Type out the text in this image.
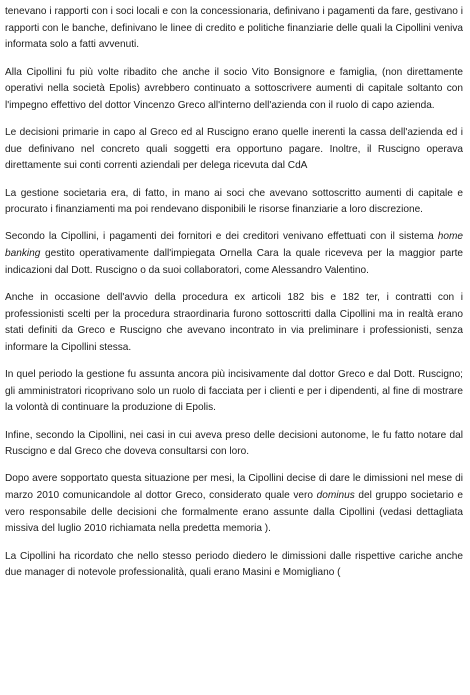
tenevano i rapporti con i soci locali e con la concessionaria, definivano i pagamenti da fare, gestivano i rapporti con le banche, definivano le linee di credito e politiche finanziarie delle quali la Cipollini veniva informata solo a fatti avvenuti.

Alla Cipollini fu più volte ribadito che anche il socio Vito Bonsignore e famiglia, (non direttamente operativi nella società Epolis) avrebbero continuato a sottoscrivere aumenti di capitale soltanto con l'impegno effettivo del dottor Vincenzo Greco all'interno dell'azienda con il ruolo di capo azienda.

Le decisioni primarie in capo al Greco ed al Ruscigno erano quelle inerenti la cassa dell'azienda ed i due definivano nel concreto quali soggetti era opportuno pagare. Inoltre, il Ruscigno operava direttamente sui conti correnti aziendali per delega ricevuta dal CdA

La gestione societaria era, di fatto, in mano ai soci che avevano sottoscritto aumenti di capitale e procurato i finanziamenti ma poi rendevano disponibili le risorse finanziarie a loro discrezione.

Secondo la Cipollini, i pagamenti dei fornitori e dei creditori venivano effettuati con il sistema home banking gestito operativamente dall'impiegata Ornella Cara la quale riceveva per la maggior parte indicazioni dal Dott. Ruscigno o da suoi collaboratori, come Alessandro Valentino.

Anche in occasione dell'avvio della procedura ex articoli 182 bis e 182 ter, i contratti con i professionisti scelti per la procedura straordinaria furono sottoscritti dalla Cipollini ma in realtà erano stati definiti da Greco e Ruscigno che avevano incontrato in via preliminare i professionisti, senza informare la Cipollini stessa.

In quel periodo la gestione fu assunta ancora più incisivamente dal dottor Greco e dal Dott. Ruscigno; gli amministratori ricoprivano solo un ruolo di facciata per i clienti e per i dipendenti, al fine di mostrare la volontà di continuare la produzione di Epolis.

Infine, secondo la Cipollini, nei casi in cui aveva preso delle decisioni autonome, le fu fatto notare dal Ruscigno e dal Greco che doveva consultarsi con loro.

Dopo avere sopportato questa situazione per mesi, la Cipollini decise di dare le dimissioni nel mese di marzo 2010 comunicandole al dottor Greco, considerato quale vero dominus del gruppo societario e vero responsabile delle decisioni che formalmente erano assunte dalla Cipollini (vedasi dettagliata missiva del luglio 2010 richiamata nella predetta memoria ).

La Cipollini ha ricordato che nello stesso periodo diedero le dimissioni dalle rispettive cariche anche due manager di notevole professionalità, quali erano Masini e Momigliano (
